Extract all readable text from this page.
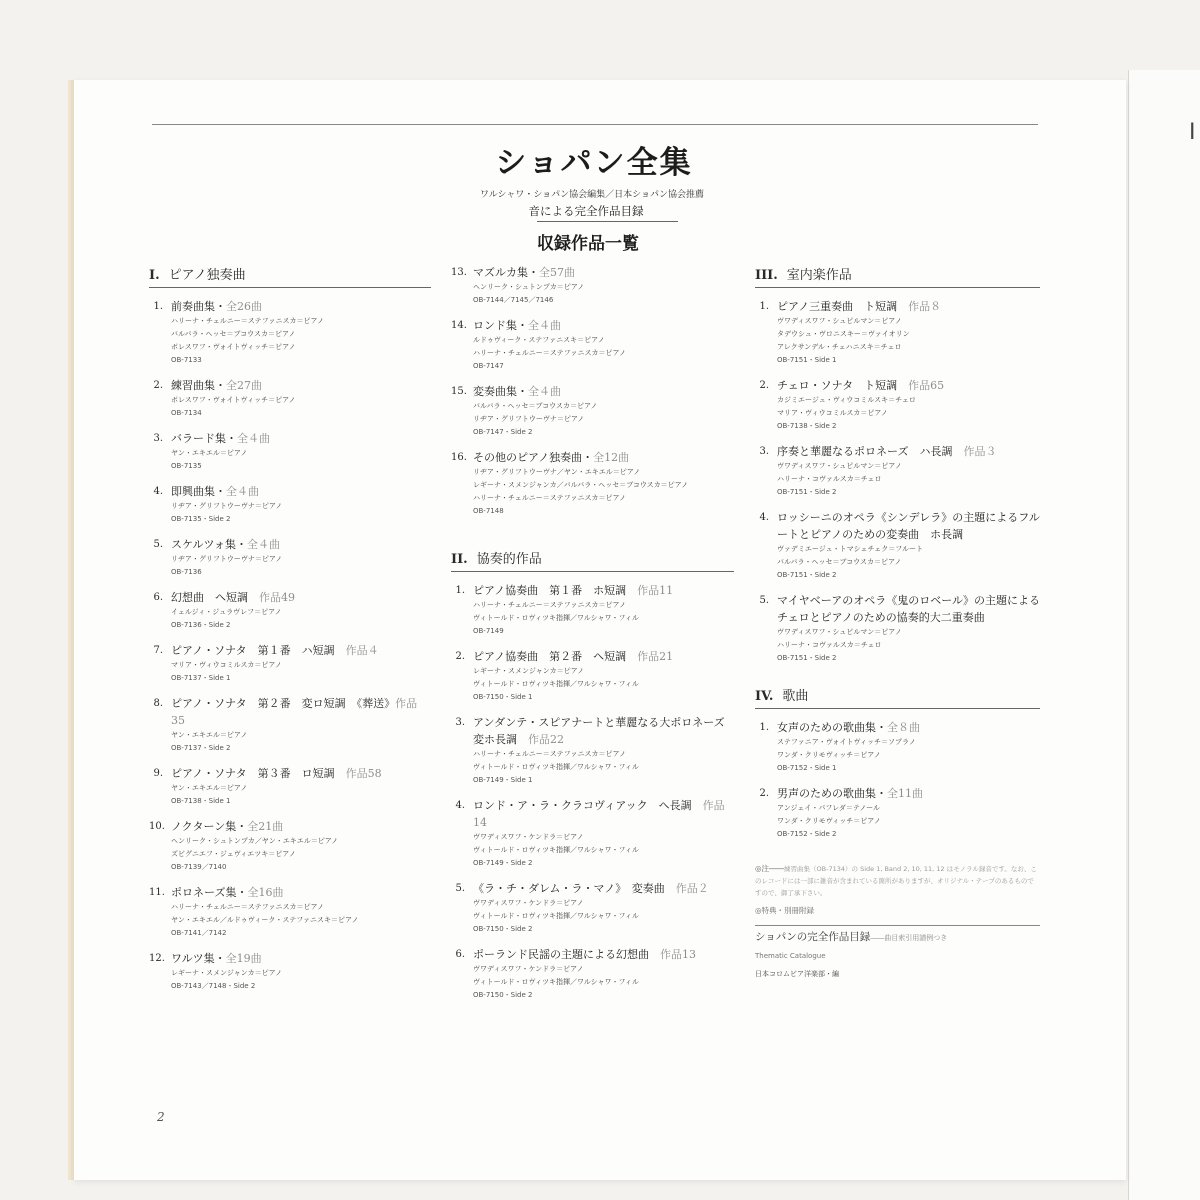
I
ショパン全集
ワルシャワ・ショパン協会編集／日本ショパン協会推薦
音による完全作品目録
収録作品一覧
I. ピアノ独奏曲
1. 前奏曲集・全26曲
ハリーナ・チェルニー＝ステファニスカ＝ピアノ
バルバラ・ヘッセ＝ブコウスカ＝ピアノ
ボレスワフ・ヴォイトヴィッチ＝ピアノ
OB-7133
2. 練習曲集・全27曲
ボレスワフ・ヴォイトヴィッチ＝ピアノ
OB-7134
3. バラード集・全４曲
ヤン・エキエル＝ピアノ
OB-7135
4. 即興曲集・全４曲
リヂア・グリフトウーヴナ＝ピアノ
OB-7135・Side 2
5. スケルツォ集・全４曲
リヂア・グリフトウーヴナ＝ピアノ
OB-7136
6. 幻想曲　ヘ短調　作品49
イェルジィ・ジュラヴレフ＝ピアノ
OB-7136・Side 2
7. ピアノ・ソナタ　第１番　ハ短調　作品４
マリア・ヴィウコミルスカ＝ピアノ
OB-7137・Side 1
8. ピアノ・ソナタ　第２番　変ロ短調　《葬送》作品35
ヤン・エキエル＝ピアノ
OB-7137・Side 2
9. ピアノ・ソナタ　第３番　ロ短調　作品58
ヤン・エキエル＝ピアノ
OB-7138・Side 1
10. ノクターン集・全21曲
ヘンリーク・シュトンプカ／ヤン・エキエル＝ピアノ
ズビグニエフ・ジェヴィエツキ＝ピアノ
OB-7139／7140
11. ポロネーズ集・全16曲
ハリーナ・チェルニー＝ステファニスカ＝ピアノ
ヤン・エキエル／ルドゥヴィーク・ステファニスキ＝ピアノ
OB-7141／7142
12. ワルツ集・全19曲
レギーナ・スメンジャンカ＝ピアノ
OB-7143／7148・Side 2
13. マズルカ集・全57曲
ヘンリーク・シュトンプカ＝ピアノ
OB-7144／7145／7146
14. ロンド集・全４曲
ルドゥヴィーク・ステファニスキ＝ピアノ
ハリーナ・チェルニー＝ステファニスカ＝ピアノ
OB-7147
15. 変奏曲集・全４曲
バルバラ・ヘッセ＝ブコウスカ＝ピアノ
リヂア・グリフトウーヴナ＝ピアノ
OB-7147・Side 2
16. その他のピアノ独奏曲・全12曲
リヂア・グリフトウーヴナ／ヤン・エキエル＝ピアノ
レギーナ・スメンジャンカ／バルバラ・ヘッセ＝ブコウスカ＝ピアノ
ハリーナ・チェルニー＝ステファニスカ＝ピアノ
OB-7148
II. 協奏的作品
1. ピアノ協奏曲　第１番　ホ短調　作品11
ハリーナ・チェルニー＝ステファニスカ＝ピアノ
ヴィトールド・ロヴィツキ指揮／ワルシャワ・フィル
OB-7149
2. ピアノ協奏曲　第２番　ヘ短調　作品21
レギーナ・スメンジャンカ＝ピアノ
ヴィトールド・ロヴィツキ指揮／ワルシャワ・フィル
OB-7150・Side 1
3. アンダンテ・スピアナートと華麗なる大ポロネーズ　変ホ長調　作品22
ハリーナ・チェルニー＝ステファニスカ＝ピアノ
ヴィトールド・ロヴィツキ指揮／ワルシャワ・フィル
OB-7149・Side 1
4. ロンド・ア・ラ・クラコヴィアック　ヘ長調　作品14
ヴワディスワフ・ケンドラ＝ピアノ
ヴィトールド・ロヴィツキ指揮／ワルシャワ・フィル
OB-7149・Side 2
5. 《ラ・チ・ダレム・ラ・マノ》　変奏曲　作品２
ヴワディスワフ・ケンドラ＝ピアノ
ヴィトールド・ロヴィツキ指揮／ワルシャワ・フィル
OB-7150・Side 2
6. ポーランド民謡の主題による幻想曲　作品13
ヴワディスワフ・ケンドラ＝ピアノ
ヴィトールド・ロヴィツキ指揮／ワルシャワ・フィル
OB-7150・Side 2
III. 室内楽作品
1. ピアノ三重奏曲　ト短調　作品８
ヴワディスワフ・シュピルマン＝ピアノ
タデウシュ・ヴロニスキー＝ヴァイオリン
アレクサンデル・チェハニスキ＝チェロ
OB-7151・Side 1
2. チェロ・ソナタ　ト短調　作品65
カジミエージュ・ヴィウコミルスキ＝チェロ
マリア・ヴィウコミルスカ＝ピアノ
OB-7138・Side 2
3. 序奏と華麗なるポロネーズ　ハ長調　作品３
ヴワディスワフ・シュピルマン＝ピアノ
ハリーナ・コヴァルスカ＝チェロ
OB-7151・Side 2
4. ロッシーニのオペラ《シンデレラ》の主題によるフルートとピアノのための変奏曲　ホ長調
ヴァデミエージュ・トマシェチェク＝フルート
バルバラ・ヘッセ＝ブコウスカ＝ピアノ
OB-7151・Side 2
5. マイヤベーアのオペラ《鬼のロベール》の主題による　チェロとピアノのための協奏的大二重奏曲
ヴワディスワフ・シュピルマン＝ピアノ
ハリーナ・コヴァルスカ＝チェロ
OB-7151・Side 2
IV. 歌曲
1. 女声のための歌曲集・全８曲
ステファニア・ヴォイトヴィッチ＝ソプラノ
ワンダ・クリモヴィッチ＝ピアノ
OB-7152・Side 1
2. 男声のための歌曲集・全11曲
アンジェイ・パフレダ＝テノール
ワンダ・クリモヴィッチ＝ピアノ
OB-7152・Side 2
◎注――練習曲集（OB-7134）の Side 1, Band 2, 10, 11, 12 はモノラル録音です。なお、このレコードには一部に雑音が含まれている箇所がありますが、オリジナル・テープのあるものですので、御了承下さい。
◎特典・別冊附録
ショパンの完全作品目録――曲目索引用譜例つき
Thematic Catalogue
日本コロムビア洋楽部・編
2
